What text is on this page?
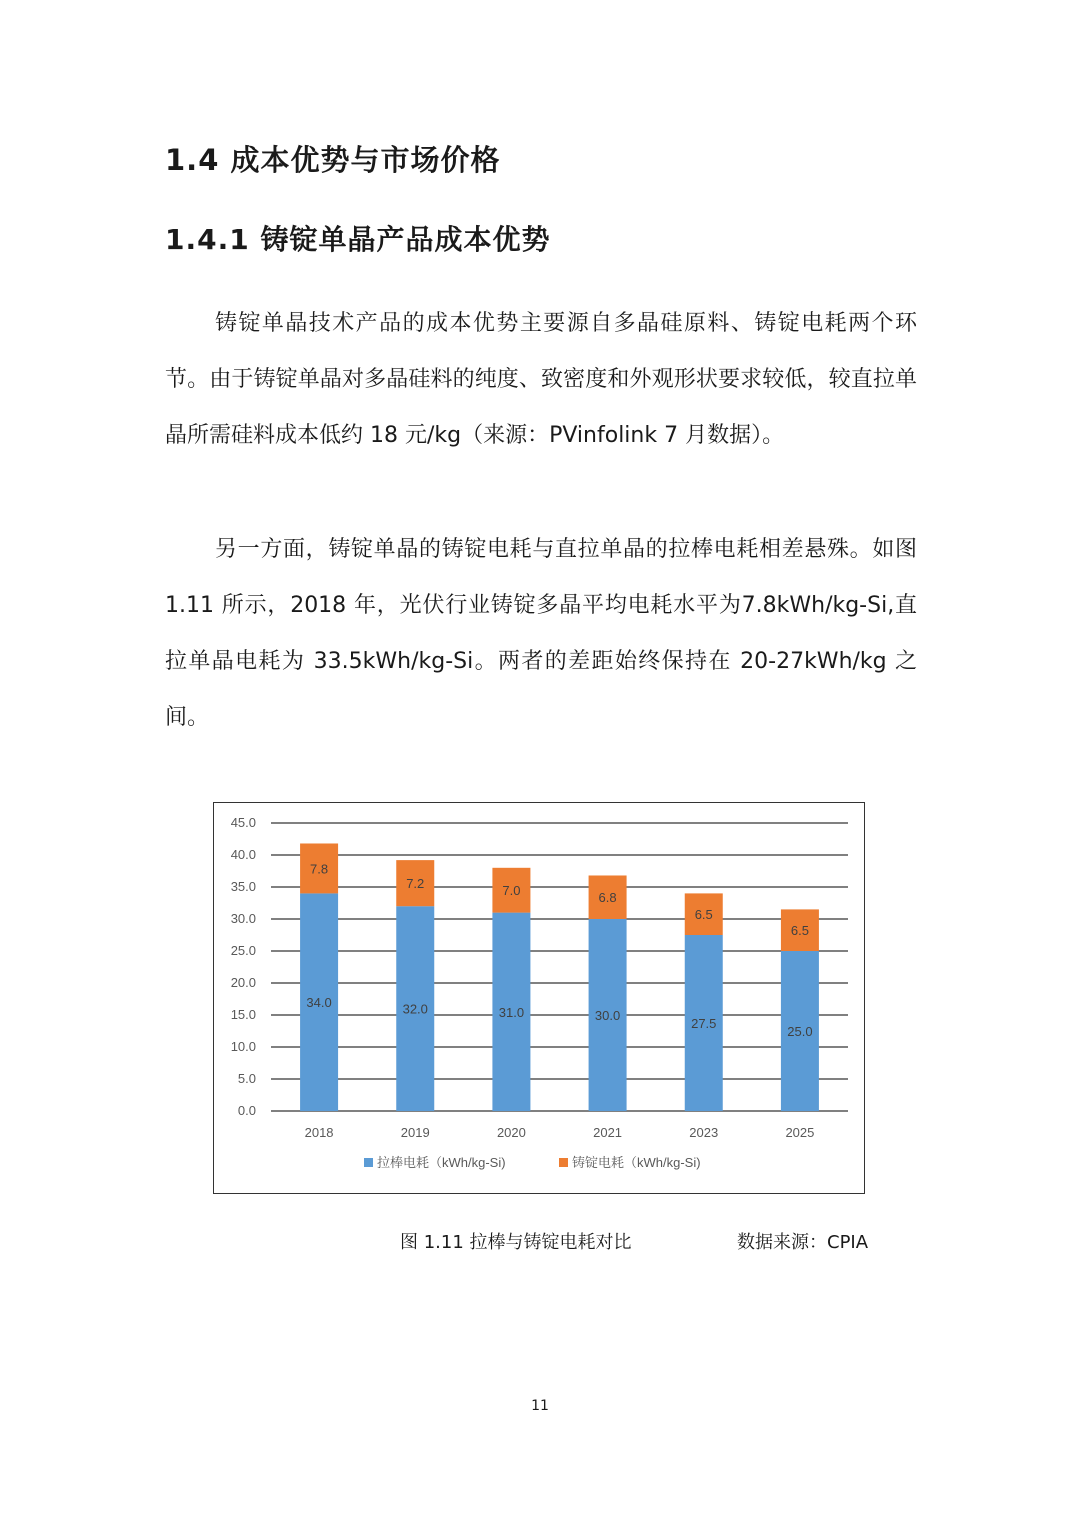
1.4 成本优势与市场价格
1.4.1 铸锭单晶产品成本优势

铸锭单晶技术产品的成本优势主要源自多晶硅原料、铸锭电耗两个环节。由于铸锭单晶对多晶硅料的纯度、致密度和外观形状要求较低，较直拉单晶所需硅料成本低约 18 元/kg（来源：PVinfolink 7 月数据）。

另一方面，铸锭单晶的铸锭电耗与直拉单晶的拉棒电耗相差悬殊。如图 1.11 所示，2018 年，光伏行业铸锭多晶平均电耗水平为7.8kWh/kg-Si,直拉单晶电耗为 33.5kWh/kg-Si。两者的差距始终保持在 20-27kWh/kg 之间。

0.0
5.0
10.0
15.0
20.0
25.0
30.0
35.0
40.0
45.0
34.0
7.8
2018
32.0
7.2
2019
31.0
7.0
2020
30.0
6.8
2021
27.5
6.5
2023
25.0
6.5
2025
拉棒电耗（kWh/kg-Si)	铸锭电耗（kWh/kg-Si)
图 1.11 拉棒与铸锭电耗对比	数据来源：CPIA
11
